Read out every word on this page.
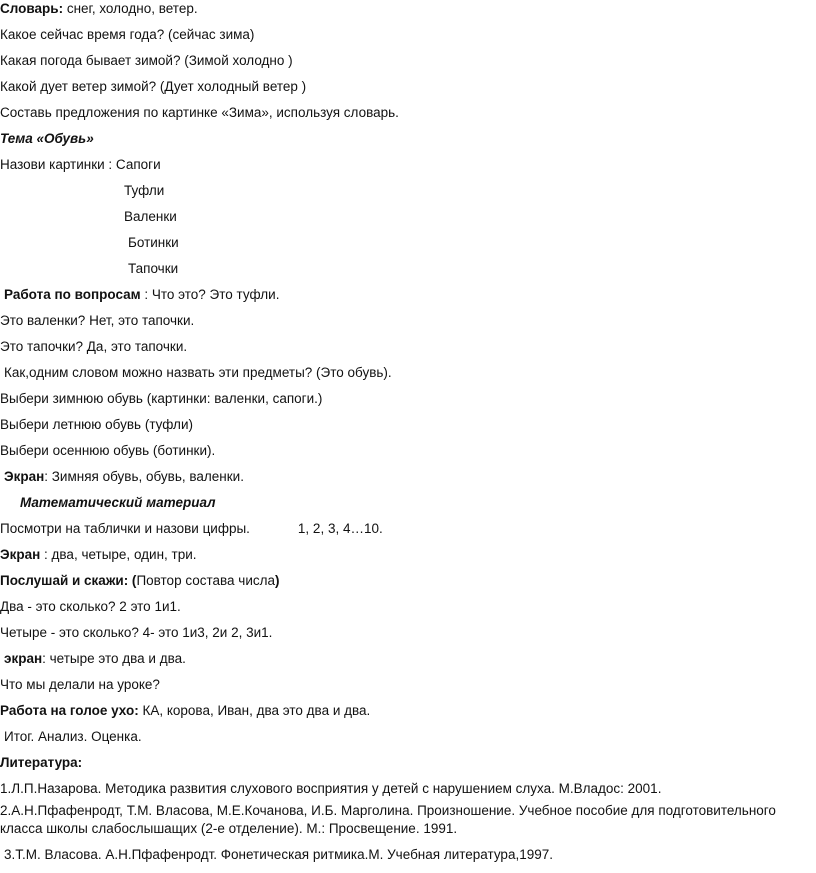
Словарь: снег, холодно, ветер.
Какое сейчас время года? (сейчас зима)
Какая погода бывает зимой? (Зимой холодно )
Какой дует ветер зимой? (Дует холодный ветер )
Составь предложения по картинке «Зима», используя словарь.
Тема «Обувь»
Назови картинки : Сапоги
Туфли
Валенки
Ботинки
Тапочки
Работа по вопросам : Что это? Это туфли.
Это валенки? Нет, это тапочки.
Это тапочки? Да, это тапочки.
Как,одним словом можно назвать эти предметы? (Это обувь).
Выбери зимнюю обувь (картинки: валенки, сапоги.)
Выбери летнюю обувь (туфли)
Выбери осеннюю обувь (ботинки).
Экран: Зимняя обувь, обувь, валенки.
Математический материал
Посмотри на таблички и назови цифры.	1, 2, 3, 4…10.
Экран : два, четыре, один, три.
Послушай и скажи: (Повтор состава числа)
Два - это сколько? 2 это 1и1.
Четыре - это сколько? 4- это 1и3, 2и 2, 3и1.
экран: четыре это два и два.
Что мы делали на уроке?
Работа на голое ухо: КА, корова, Иван, два это два и два.
Итог. Анализ. Оценка.
Литература:
1.Л.П.Назарова. Методика развития слухового восприятия у детей с нарушением слуха. М.Владос: 2001.
2.А.Н.Пфафенродт, Т.М. Власова, М.Е.Кочанова, И.Б. Марголина. Произношение. Учебное пособие для подготовительного класса школы слабослышащих (2-е отделение). М.: Просвещение. 1991.
3.Т.М. Власова. А.Н.Пфафенродт. Фонетическая ритмика.М. Учебная литература,1997.
